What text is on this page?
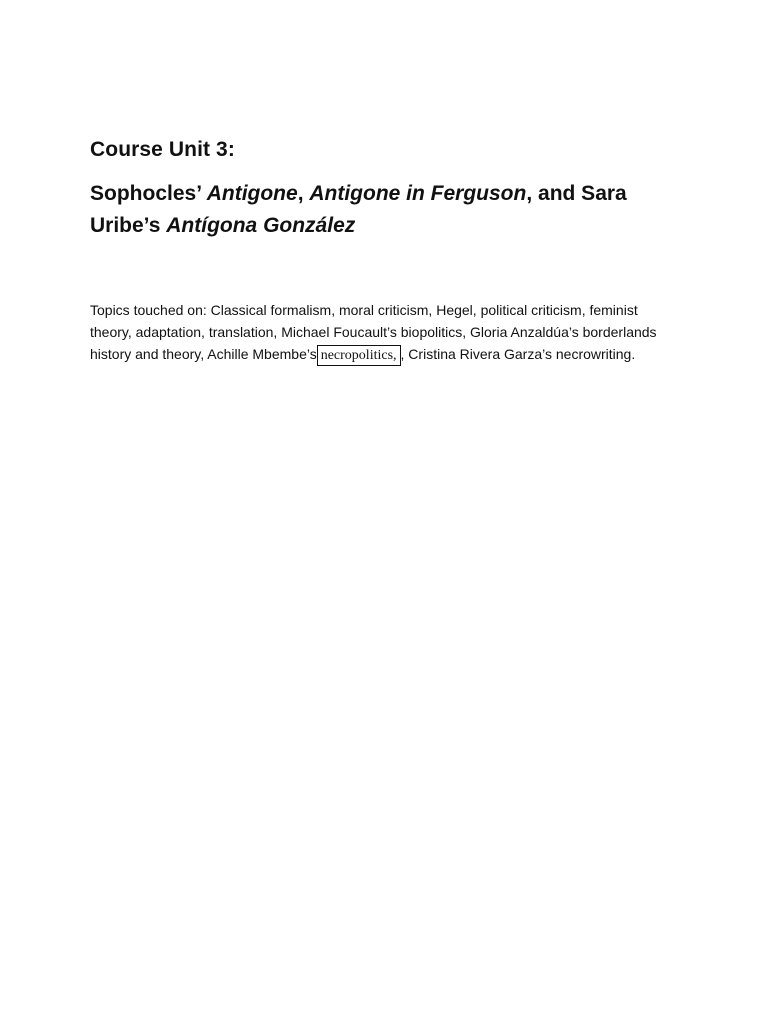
Course Unit 3:
Sophocles’ Antigone, Antigone in Ferguson, and Sara Uribe’s Antígona González

Topics touched on: Classical formalism, moral criticism, Hegel, political criticism, feminist theory, adaptation, translation, Michael Foucault’s biopolitics, Gloria Anzaldúa’s borderlands history and theory, Achille Mbembe’s necropolitics, , Cristina Rivera Garza’s necrowriting.
